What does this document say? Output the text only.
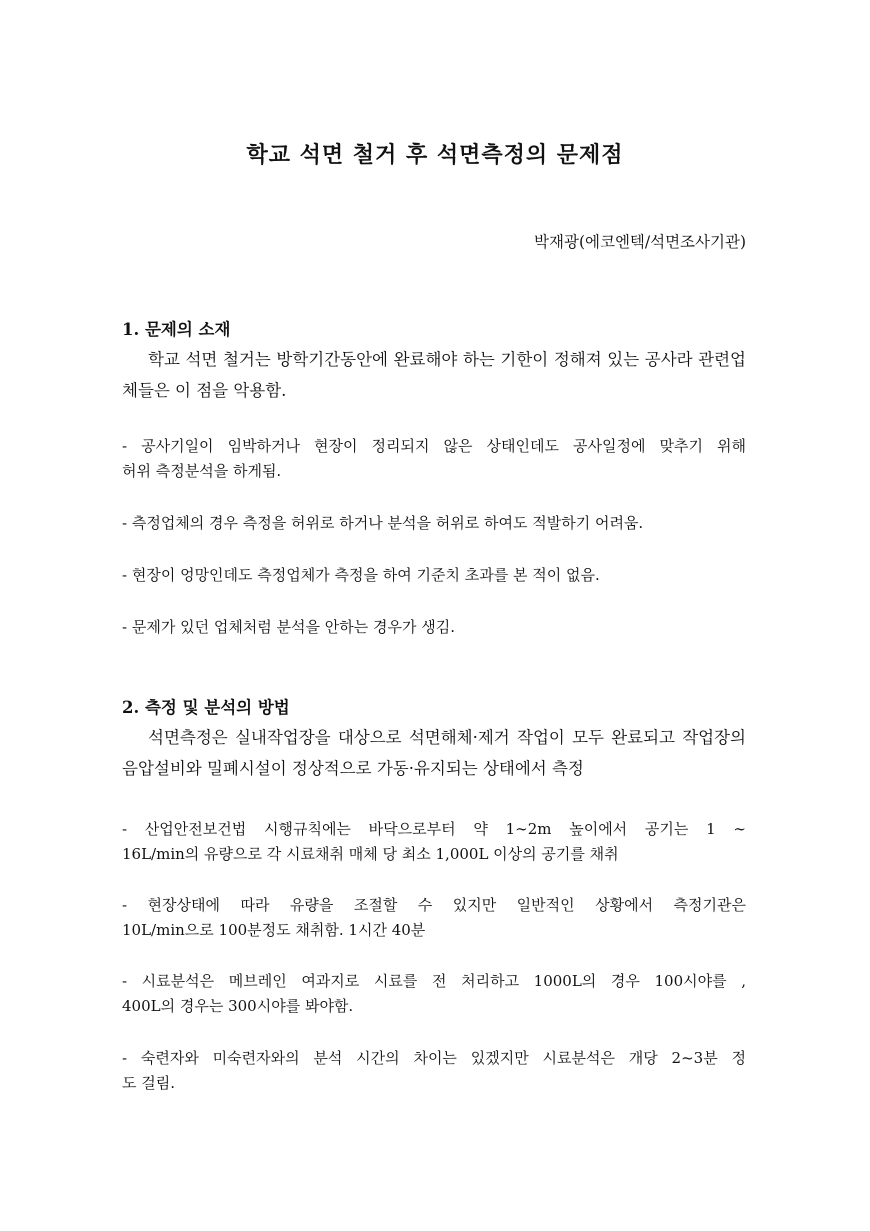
학교 석면 철거 후 석면측정의 문제점
박재광(에코엔텍/석면조사기관)
1. 문제의 소재
학교 석면 철거는 방학기간동안에 완료해야 하는 기한이 정해져 있는 공사라 관련업체들은 이 점을 악용함.
- 공사기일이 임박하거나 현장이 정리되지 않은 상태인데도 공사일정에 맞추기 위해
허위 측정분석을 하게됨.
- 측정업체의 경우 측정을 허위로 하거나 분석을 허위로 하여도 적발하기 어려움.
- 현장이 엉망인데도 측정업체가 측정을 하여 기준치 초과를 본 적이 없음.
- 문제가 있던 업체처럼 분석을 안하는 경우가 생김.
2. 측정 및 분석의 방법
석면측정은 실내작업장을 대상으로 석면해체·제거 작업이 모두 완료되고 작업장의 음압설비와 밀폐시설이 정상적으로 가동·유지되는 상태에서 측정
- 산업안전보건법 시행규칙에는 바닥으로부터 약 1∼2m 높이에서 공기는 1 ∼
16L/min의 유량으로 각 시료채취 매체 당 최소 1,000L 이상의 공기를 채취
- 현장상태에 따라 유량을 조절할 수 있지만 일반적인 상황에서 측정기관은
10L/min으로 100분정도 채취함. 1시간 40분
- 시료분석은 메브레인 여과지로 시료를 전 처리하고 1000L의 경우 100시야를 ,
400L의 경우는 300시야를 봐야함.
- 숙련자와 미숙련자와의 분석 시간의 차이는 있겠지만 시료분석은 개당 2~3분 정
도 걸림.
